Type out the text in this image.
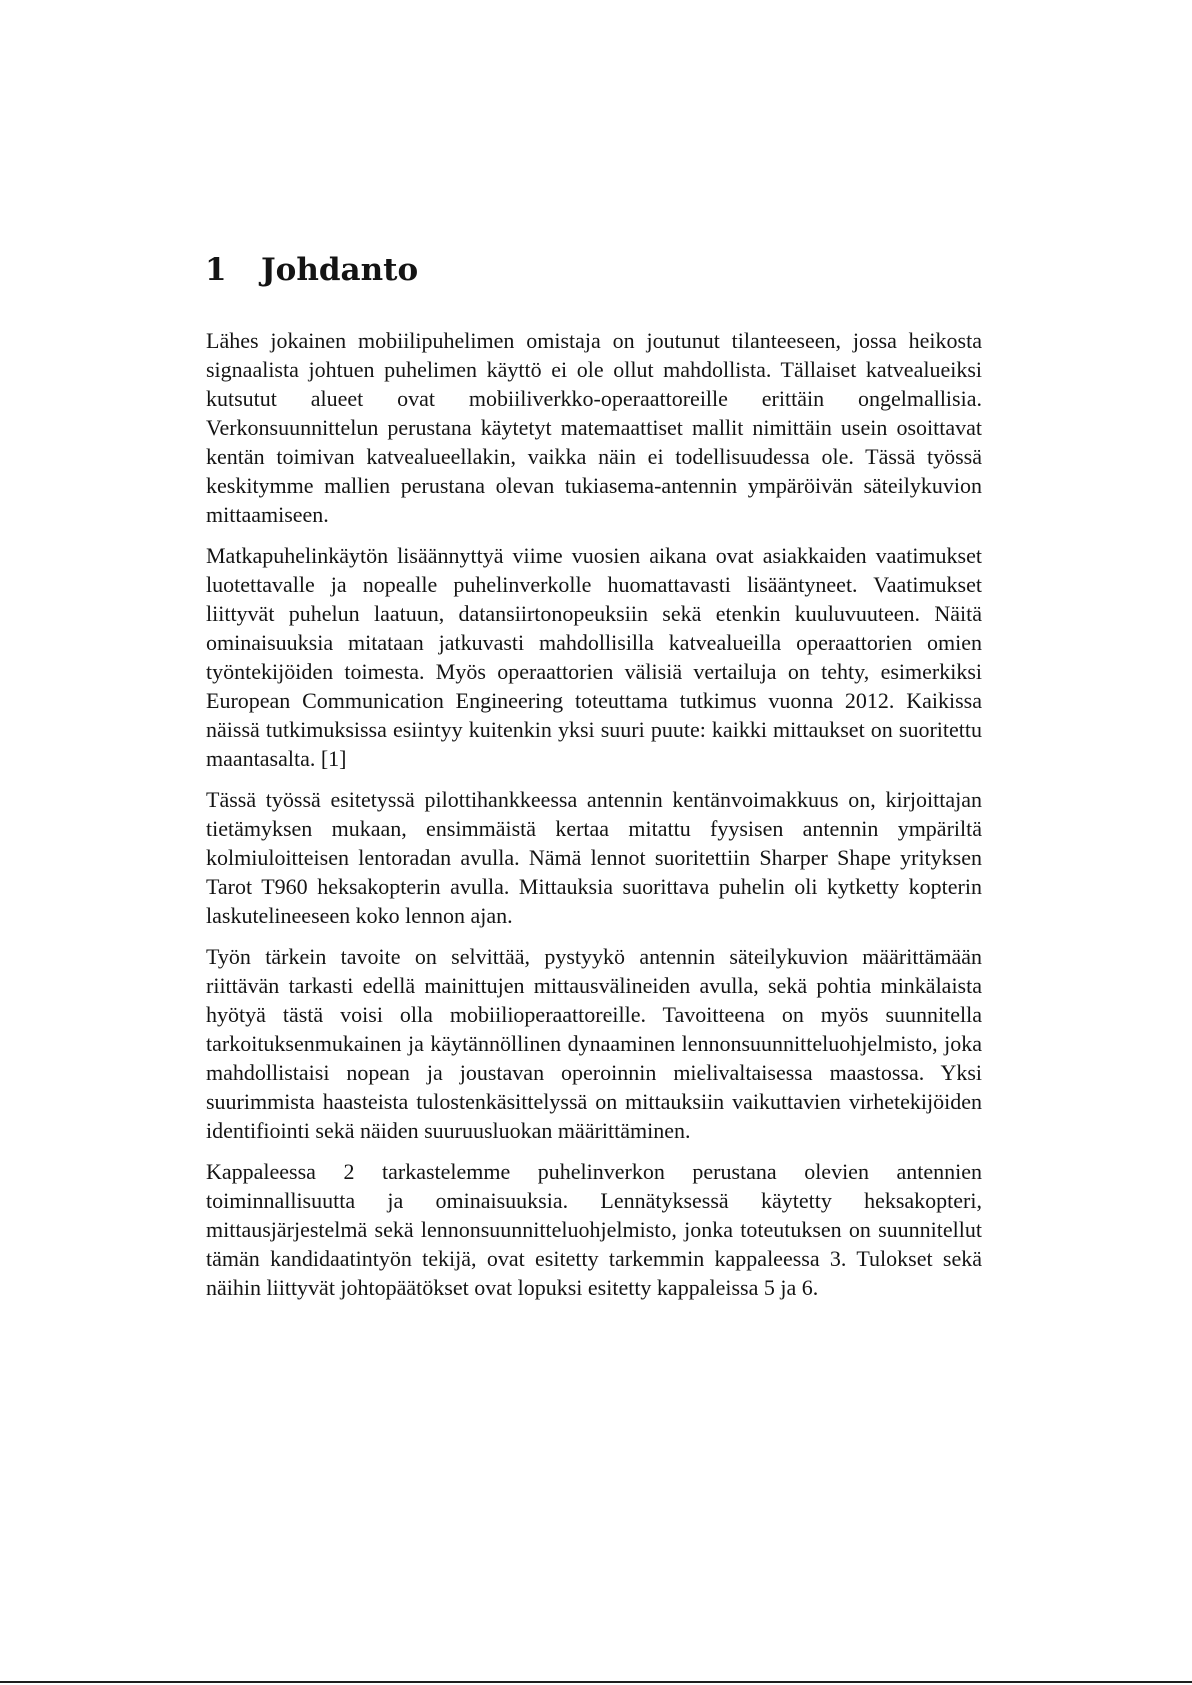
1 Johdanto

Lähes jokainen mobiilipuhelimen omistaja on joutunut tilanteeseen, jossa heikosta signaalista johtuen puhelimen käyttö ei ole ollut mahdollista. Tällaiset katvealueiksi kutsutut alueet ovat mobiiliverkko-operaattoreille erittäin ongelmallisia. Verkonsuunnittelun perustana käytetyt matemaattiset mallit nimittäin usein osoittavat kentän toimivan katvealueellakin, vaikka näin ei todellisuudessa ole. Tässä työssä keskitymme mallien perustana olevan tukiasema-antennin ympäröivän säteilykuvion mittaamiseen.

Matkapuhelinkäytön lisäännyttyä viime vuosien aikana ovat asiakkaiden vaatimukset luotettavalle ja nopealle puhelinverkolle huomattavasti lisääntyneet. Vaatimukset liittyvät puhelun laatuun, datansiirtonopeuksiin sekä etenkin kuuluvuuteen. Näitä ominaisuuksia mitataan jatkuvasti mahdollisilla katvealueilla operaattorien omien työntekijöiden toimesta. Myös operaattorien välisiä vertailuja on tehty, esimerkiksi European Communication Engineering toteuttama tutkimus vuonna 2012. Kaikissa näissä tutkimuksissa esiintyy kuitenkin yksi suuri puute: kaikki mittaukset on suoritettu maantasalta. [1]

Tässä työssä esitetyssä pilottihankkeessa antennin kentänvoimakkuus on, kirjoittajan tietämyksen mukaan, ensimmäistä kertaa mitattu fyysisen antennin ympäriltä kolmiuloitteisen lentoradan avulla. Nämä lennot suoritettiin Sharper Shape yrityksen Tarot T960 heksakopterin avulla. Mittauksia suorittava puhelin oli kytketty kopterin laskutelineeseen koko lennon ajan.

Työn tärkein tavoite on selvittää, pystyykö antennin säteilykuvion määrittämään riittävän tarkasti edellä mainittujen mittausvälineiden avulla, sekä pohtia minkälaista hyötyä tästä voisi olla mobiilioperaattoreille. Tavoitteena on myös suunnitella tarkoituksenmukainen ja käytännöllinen dynaaminen lennonsuunnitteluohjelmisto, joka mahdollistaisi nopean ja joustavan operoinnin mielivaltaisessa maastossa. Yksi suurimmista haasteista tulostenkäsittelyssä on mittauksiin vaikuttavien virhetekijöiden identifiointi sekä näiden suuruusluokan määrittäminen.

Kappaleessa 2 tarkastelemme puhelinverkon perustana olevien antennien toiminnallisuutta ja ominaisuuksia. Lennätyksessä käytetty heksakopteri, mittausjärjestelmä sekä lennonsuunnitteluohjelmisto, jonka toteutuksen on suunnitellut tämän kandidaatintyön tekijä, ovat esitetty tarkemmin kappaleessa 3. Tulokset sekä näihin liittyvät johtopäätökset ovat lopuksi esitetty kappaleissa 5 ja 6.
